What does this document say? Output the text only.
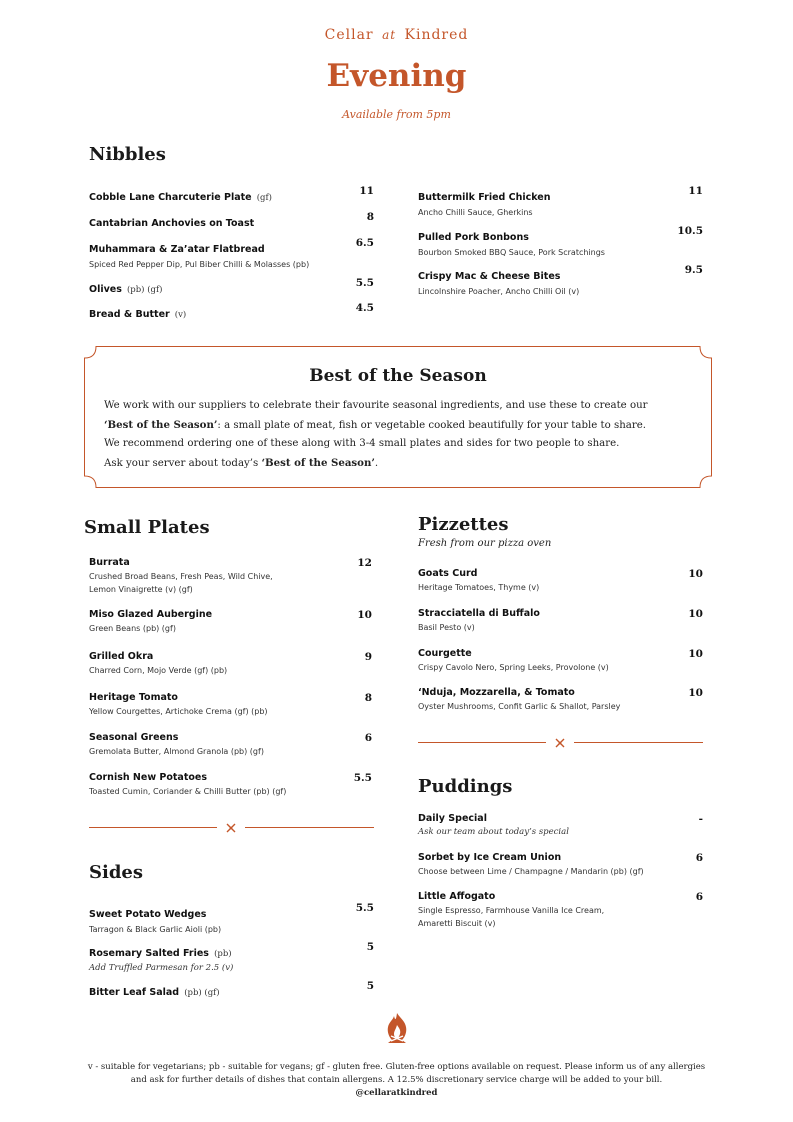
Cellar at Kindred
Evening
Available from 5pm
Nibbles
Cobble Lane Charcuterie Plate (gf)
11
Cantabrian Anchovies on Toast
8
Muhammara & Za’atar Flatbread
Spiced Red Pepper Dip, Pul Biber Chilli & Molasses (pb)
6.5
Olives (pb) (gf)
5.5
Bread & Butter (v)
4.5
Buttermilk Fried Chicken
Ancho Chilli Sauce, Gherkins
11
Pulled Pork Bonbons
Bourbon Smoked BBQ Sauce, Pork Scratchings
10.5
Crispy Mac & Cheese Bites
Lincolnshire Poacher, Ancho Chilli Oil (v)
9.5
Best of the Season

We work with our suppliers to celebrate their favourite seasonal ingredients, and use these to create our

‘Best of the Season’: a small plate of meat, fish or vegetable cooked beautifully for your table to share.

We recommend ordering one of these along with 3-4 small plates and sides for two people to share.

Ask your server about today’s ‘Best of the Season’.

Small Plates
Burrata
Crushed Broad Beans, Fresh Peas, Wild Chive,
Lemon Vinaigrette (v) (gf)
12
Miso Glazed Aubergine
Green Beans (pb) (gf)
10
Grilled Okra
Charred Corn, Mojo Verde (gf) (pb)
9
Heritage Tomato
Yellow Courgettes, Artichoke Crema (gf) (pb)
8
Seasonal Greens
Gremolata Butter, Almond Granola (pb) (gf)
6
Cornish New Potatoes
Toasted Cumin, Coriander & Chilli Butter (pb) (gf)
5.5
Sides
Sweet Potato Wedges
Tarragon & Black Garlic Aioli (pb)
5.5
Rosemary Salted Fries (pb)
Add Truffled Parmesan for 2.5 (v)
5
Bitter Leaf Salad (pb) (gf)
5
Pizzettes
Fresh from our pizza oven
Goats Curd
Heritage Tomatoes, Thyme (v)
10
Stracciatella di Buffalo
Basil Pesto (v)
10
Courgette
Crispy Cavolo Nero, Spring Leeks, Provolone (v)
10
‘Nduja, Mozzarella, & Tomato
Oyster Mushrooms, Confit Garlic & Shallot, Parsley
10
Puddings
Daily Special
Ask our team about today’s special
-
Sorbet by Ice Cream Union
Choose between Lime / Champagne / Mandarin (pb) (gf)
6
Little Affogato
Single Espresso, Farmhouse Vanilla Ice Cream,
Amaretti Biscuit (v)
6
v - suitable for vegetarians; pb - suitable for vegans; gf - gluten free. Gluten-free options available on request. Please inform us of any allergies
and ask for further details of dishes that contain allergens. A 12.5% discretionary service charge will be added to your bill.
@cellaratkindred
